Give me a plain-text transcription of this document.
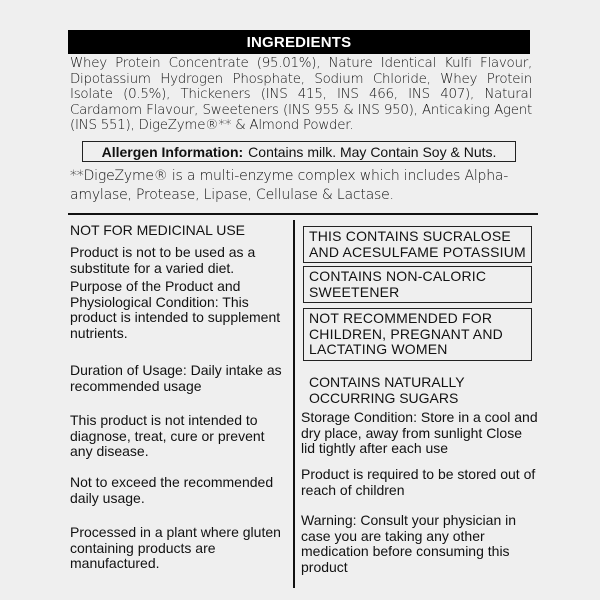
INGREDIENTS
Whey Protein Concentrate (95.01%), Nature Identical Kulfi Flavour, Dipotassium Hydrogen Phosphate, Sodium Chloride, Whey Protein Isolate (0.5%), Thickeners (INS 415, INS 466, INS 407), Natural Cardamom Flavour, Sweeteners (INS 955 & INS 950), Anticaking Agent (INS 551), DigeZyme®** & Almond Powder.
Allergen Information: Contains milk. May Contain Soy & Nuts.
**DigeZyme® is a multi-enzyme complex which includes Alpha-amylase, Protease, Lipase, Cellulase & Lactase.

NOT FOR MEDICINAL USE

Product is not to be used as a substitute for a varied diet.

Purpose of the Product and Physiological Condition: This product is intended to supplement nutrients.

Duration of Usage: Daily intake as recommended usage

This product is not intended to diagnose, treat, cure or prevent any disease.

Not to exceed the recommended daily usage.

Processed in a plant where gluten containing products are manufactured.

THIS CONTAINS SUCRALOSE AND ACESULFAME POTASSIUM
CONTAINS NON-CALORIC SWEETENER
NOT RECOMMENDED FOR CHILDREN, PREGNANT AND LACTATING WOMEN

CONTAINS NATURALLY OCCURRING SUGARS

Storage Condition: Store in a cool and dry place, away from sunlight Close lid tightly after each use

Product is required to be stored out of reach of children

Warning: Consult your physician in case you are taking any other medication before consuming this product
